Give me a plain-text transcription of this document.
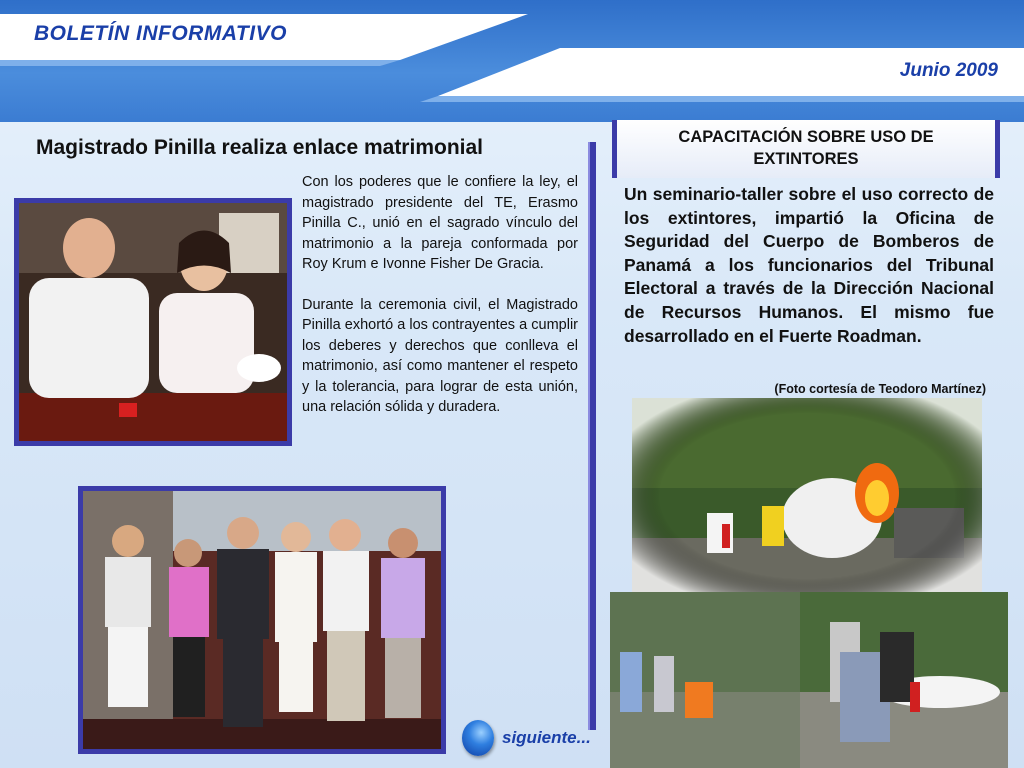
BOLETÍN INFORMATIVO
Junio 2009
Magistrado Pinilla realiza enlace matrimonial

Con los poderes que le confiere la ley, el magistrado presidente del TE, Erasmo Pinilla C., unió en el sagrado vínculo del matrimonio a la pareja conformada por Roy Krum e Ivonne Fisher De Gracia.

Durante la ceremonia civil, el Magistrado Pinilla exhortó a los contrayentes a cumplir los deberes y derechos que conlleva el matrimonio, así como mantener el respeto y la tolerancia, para lograr de esta unión, una relación sólida y duradera.

CAPACITACIÓN SOBRE USO DE
EXTINTORES
Un seminario-taller sobre el uso correcto de los extintores, impartió la Oficina de Seguridad del Cuerpo de Bomberos de Panamá a los funcionarios del Tribunal Electoral a través de la Dirección Nacional de Recursos Humanos. El mismo fue desarrollado en el Fuerte Roadman.
(Foto cortesía de Teodoro Martínez)
siguiente...
